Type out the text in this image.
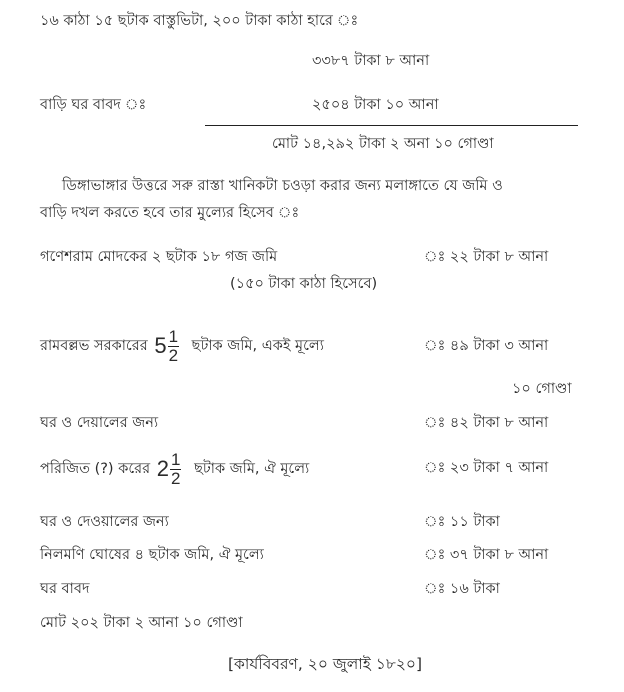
১৬ কাঠা ১৫ ছটাক বাস্তুভিটা, ২০০ টাকা কাঠা হারে ঃ
৩৩৮৭ টাকা ৮ আনা
বাড়ি ঘর বাবদ ঃ	২৫০৪ টাকা ১০ আনা
মোট ১৪,২৯২ টাকা ২ অনা ১০ গোণ্ডা
ডিঙ্গাভাঙ্গার উত্তরে সরু রাস্তা খানিকটা চওড়া করার জন্য মলাঙ্গাতে যে জমি ও
বাড়ি দখল করতে হবে তার মুল্যের হিসেব ঃ
গণেশরাম মোদকের ২ ছটাক ১৮ গজ জমি	ঃ ২২ টাকা ৮ আনা
(১৫০ টাকা কাঠা হিসেবে)
রামবল্লভ সরকারের 5 1
2 ছটাক জমি, একই মূল্যে	ঃ ৪৯ টাকা ৩ আনা
১০ গোণ্ডা
ঘর ও দেয়ালের জন্য	ঃ ৪২ টাকা ৮ আনা
পরিজিত (?) করের 2 1
2 ছটাক জমি, ঐ মূল্যে	ঃ ২৩ টাকা ৭ আনা
ঘর ও দেওয়ালের জন্য	ঃ ১১ টাকা
নিলমণি ঘোষের ৪ ছটাক জমি, ঐ মূল্যে	ঃ ৩৭ টাকা ৮ আনা
ঘর বাবদ	ঃ ১৬ টাকা
মোট ২০২ টাকা ২ আনা ১০ গোণ্ডা
[কার্যবিবরণ, ২০ জুলাই ১৮২০]
